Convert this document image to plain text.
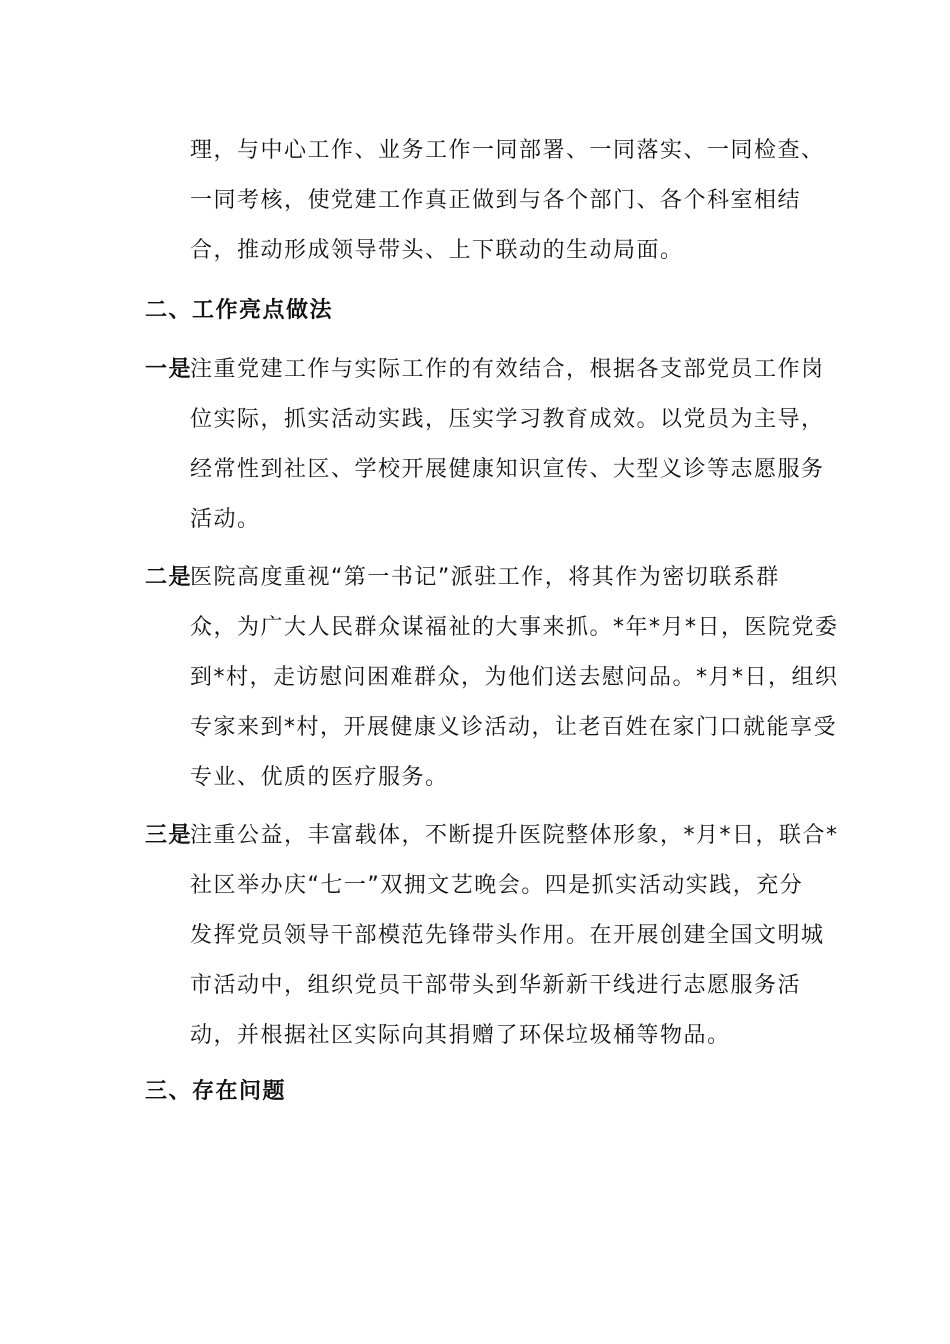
理，与中心工作、业务工作一同部署、一同落实、一同检查、
一同考核，使党建工作真正做到与各个部门、各个科室相结
合，推动形成领导带头、上下联动的生动局面。
二、工作亮点做法
一是
注重党建工作与实际工作的有效结合，根据各支部党员工作岗
位实际，抓实活动实践，压实学习教育成效。以党员为主导，
经常性到社区、学校开展健康知识宣传、大型义诊等志愿服务
活动。
二是
医院高度重视“第一书记”派驻工作，将其作为密切联系群
众，为广大人民群众谋福祉的大事来抓。*年*月*日，医院党委
到*村，走访慰问困难群众，为他们送去慰问品。*月*日，组织
专家来到*村，开展健康义诊活动，让老百姓在家门口就能享受
专业、优质的医疗服务。
三是
注重公益，丰富载体，不断提升医院整体形象，*月*日，联合*
社区举办庆“七一”双拥文艺晚会。四是抓实活动实践，充分
发挥党员领导干部模范先锋带头作用。在开展创建全国文明城
市活动中，组织党员干部带头到华新新干线进行志愿服务活
动，并根据社区实际向其捐赠了环保垃圾桶等物品。
三、存在问题
